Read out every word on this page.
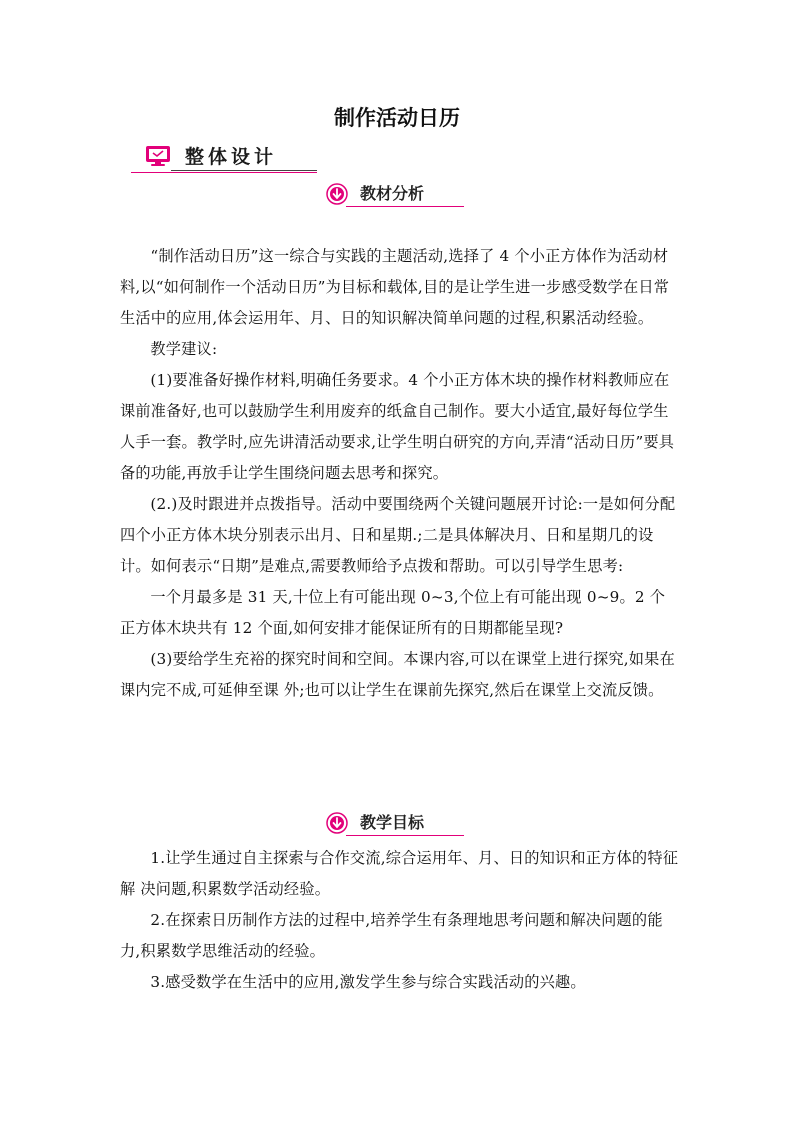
制作活动日历
整体设计
教材分析

“制作活动日历”这一综合与实践的主题活动,选择了 4 个小正方体作为活动材料,以“如何制作一个活动日历”为目标和载体,目的是让学生进一步感受数学在日常生活中的应用,体会运用年、月、日的知识解决简单问题的过程,积累活动经验。

教学建议:

(1)要准备好操作材料,明确任务要求。4 个小正方体木块的操作材料教师应在课前准备好,也可以鼓励学生利用废弃的纸盒自己制作。要大小适宜,最好每位学生人手一套。教学时,应先讲清活动要求,让学生明白研究的方向,弄清“活动日历”要具备的功能,再放手让学生围绕问题去思考和探究。

(2.)及时跟进并点拨指导。活动中要围绕两个关键问题展开讨论:一是如何分配四个小正方体木块分别表示出月、日和星期.;二是具体解决月、日和星期几的设计。如何表示“日期”是难点,需要教师给予点拨和帮助。可以引导学生思考:

一个月最多是 31 天,十位上有可能出现 0~3,个位上有可能出现 0~9。2 个正方体木块共有 12 个面,如何安排才能保证所有的日期都能呈现?

(3)要给学生充裕的探究时间和空间。本课内容,可以在课堂上进行探究,如果在课内完不成,可延伸至课 外;也可以让学生在课前先探究,然后在课堂上交流反馈。

教学目标

1.让学生通过自主探索与合作交流,综合运用年、月、日的知识和正方体的特征解 决问题,积累数学活动经验。

2.在探索日历制作方法的过程中,培养学生有条理地思考问题和解决问题的能力,积累数学思维活动的经验。

3.感受数学在生活中的应用,激发学生参与综合实践活动的兴趣。
